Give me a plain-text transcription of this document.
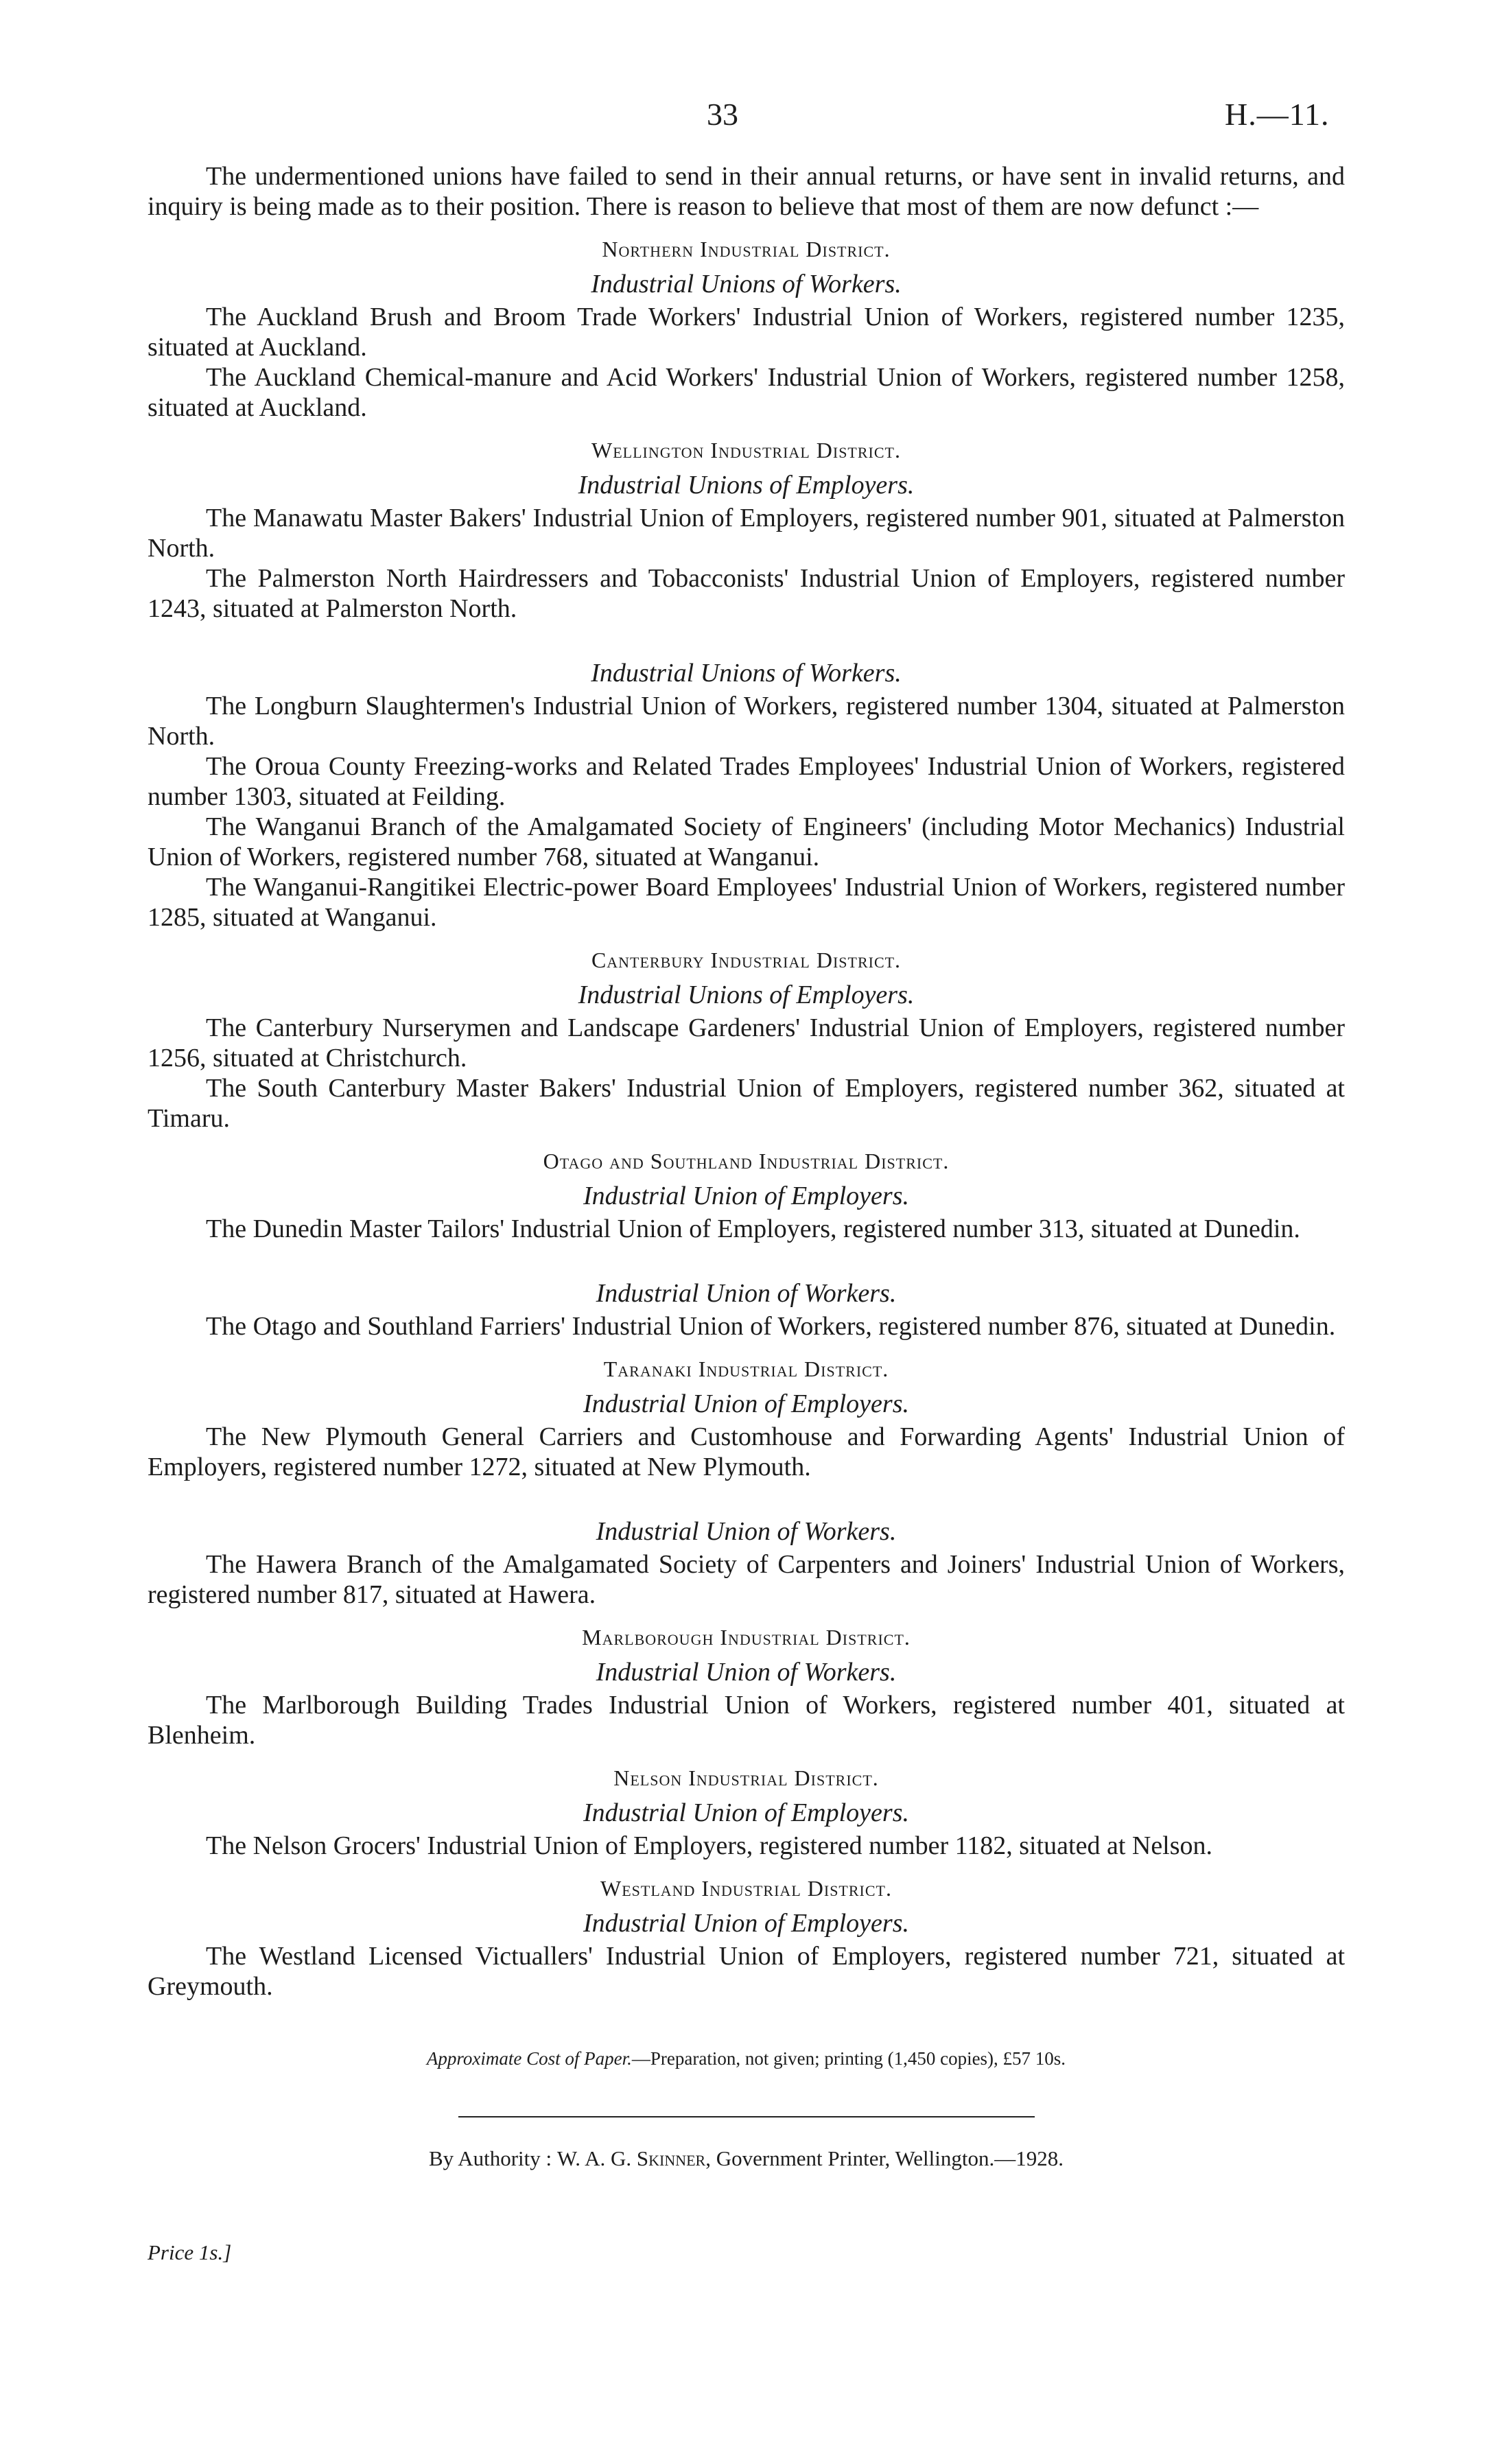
33	H.—11.

The undermentioned unions have failed to send in their annual returns, or have sent in invalid returns, and inquiry is being made as to their position. There is reason to believe that most of them are now defunct :—

Northern Industrial District.
Industrial Unions of Workers.

The Auckland Brush and Broom Trade Workers' Industrial Union of Workers, registered number 1235, situated at Auckland.

The Auckland Chemical-manure and Acid Workers' Industrial Union of Workers, registered number 1258, situated at Auckland.

Wellington Industrial District.
Industrial Unions of Employers.

The Manawatu Master Bakers' Industrial Union of Employers, registered number 901, situated at Palmerston North.

The Palmerston North Hairdressers and Tobacconists' Industrial Union of Employers, registered number 1243, situated at Palmerston North.

Industrial Unions of Workers.

The Longburn Slaughtermen's Industrial Union of Workers, registered number 1304, situated at Palmerston North.

The Oroua County Freezing-works and Related Trades Employees' Industrial Union of Workers, registered number 1303, situated at Feilding.

The Wanganui Branch of the Amalgamated Society of Engineers' (including Motor Mechanics) Industrial Union of Workers, registered number 768, situated at Wanganui.

The Wanganui-Rangitikei Electric-power Board Employees' Industrial Union of Workers, registered number 1285, situated at Wanganui.

Canterbury Industrial District.
Industrial Unions of Employers.

The Canterbury Nurserymen and Landscape Gardeners' Industrial Union of Employers, registered number 1256, situated at Christchurch.

The South Canterbury Master Bakers' Industrial Union of Employers, registered number 362, situated at Timaru.

Otago and Southland Industrial District.
Industrial Union of Employers.

The Dunedin Master Tailors' Industrial Union of Employers, registered number 313, situated at Dunedin.

Industrial Union of Workers.

The Otago and Southland Farriers' Industrial Union of Workers, registered number 876, situated at Dunedin.

Taranaki Industrial District.
Industrial Union of Employers.

The New Plymouth General Carriers and Customhouse and Forwarding Agents' Industrial Union of Employers, registered number 1272, situated at New Plymouth.

Industrial Union of Workers.

The Hawera Branch of the Amalgamated Society of Carpenters and Joiners' Industrial Union of Workers, registered number 817, situated at Hawera.

Marlborough Industrial District.
Industrial Union of Workers.

The Marlborough Building Trades Industrial Union of Workers, registered number 401, situated at Blenheim.

Nelson Industrial District.
Industrial Union of Employers.

The Nelson Grocers' Industrial Union of Employers, registered number 1182, situated at Nelson.

Westland Industrial District.
Industrial Union of Employers.

The Westland Licensed Victuallers' Industrial Union of Employers, registered number 721, situated at Greymouth.

Approximate Cost of Paper.—Preparation, not given; printing (1,450 copies), £57 10s.
By Authority : W. A. G. Skinner, Government Printer, Wellington.—1928.
Price 1s.]
